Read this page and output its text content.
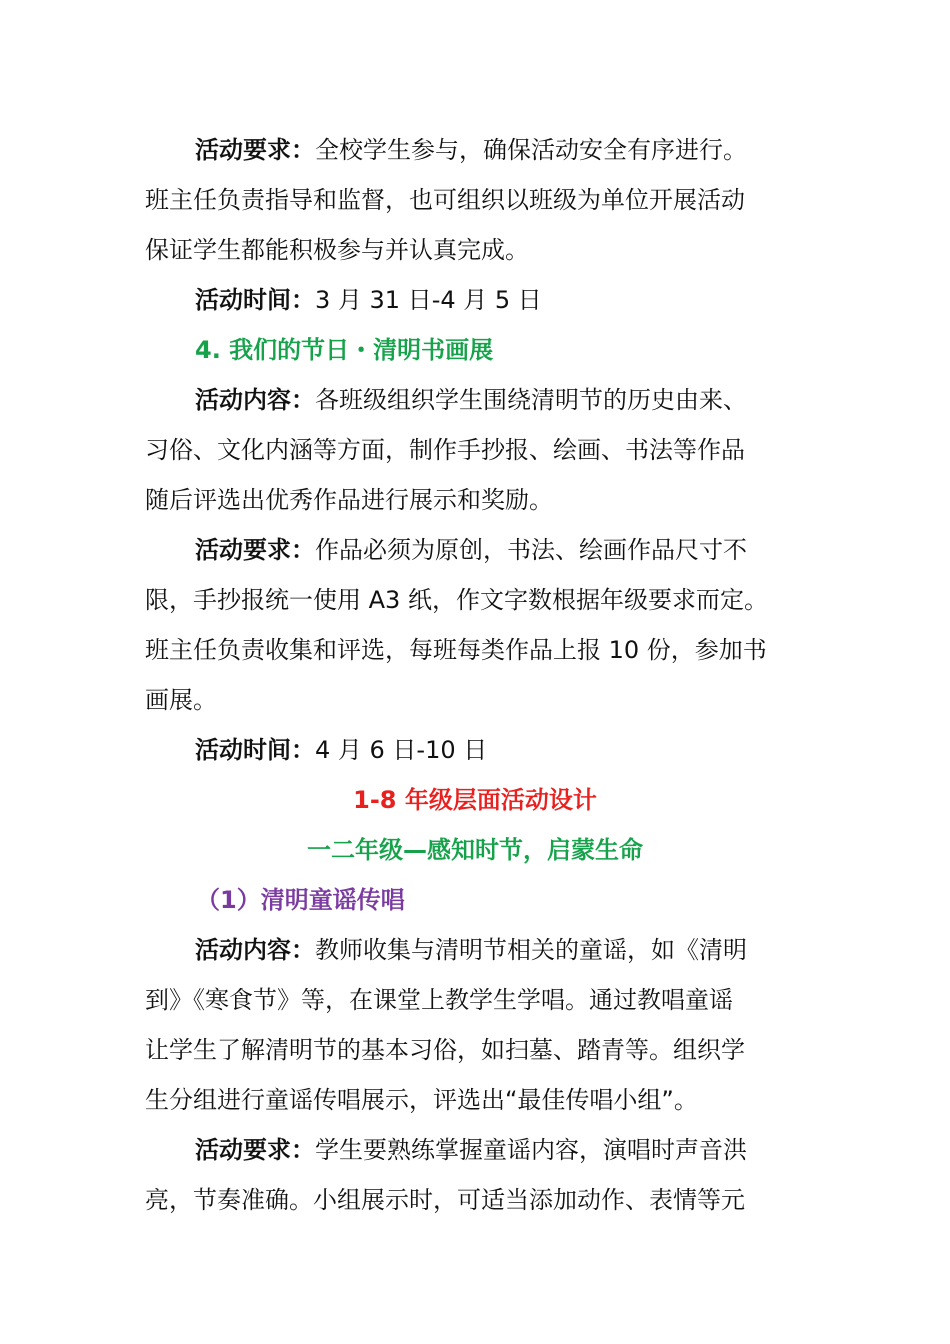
活动要求：全校学生参与，确保活动安全有序进行。
班主任负责指导和监督，也可组织以班级为单位开展活动
保证学生都能积极参与并认真完成。
活动时间：3 月 31 日-4 月 5 日
4. 我们的节日・清明书画展
活动内容：各班级组织学生围绕清明节的历史由来、
习俗、文化内涵等方面，制作手抄报、绘画、书法等作品
随后评选出优秀作品进行展示和奖励。
活动要求：作品必须为原创，书法、绘画作品尺寸不
限，手抄报统一使用 A3 纸，作文字数根据年级要求而定。
班主任负责收集和评选，每班每类作品上报 10 份，参加书
画展。
活动时间：4 月 6 日-10 日
1-8 年级层面活动设计
一二年级—感知时节，启蒙生命
（1）清明童谣传唱
活动内容：教师收集与清明节相关的童谣，如《清明
到》《寒食节》等，在课堂上教学生学唱。通过教唱童谣
让学生了解清明节的基本习俗，如扫墓、踏青等。组织学
生分组进行童谣传唱展示，评选出“最佳传唱小组”。
活动要求：学生要熟练掌握童谣内容，演唱时声音洪
亮，节奏准确。小组展示时，可适当添加动作、表情等元
